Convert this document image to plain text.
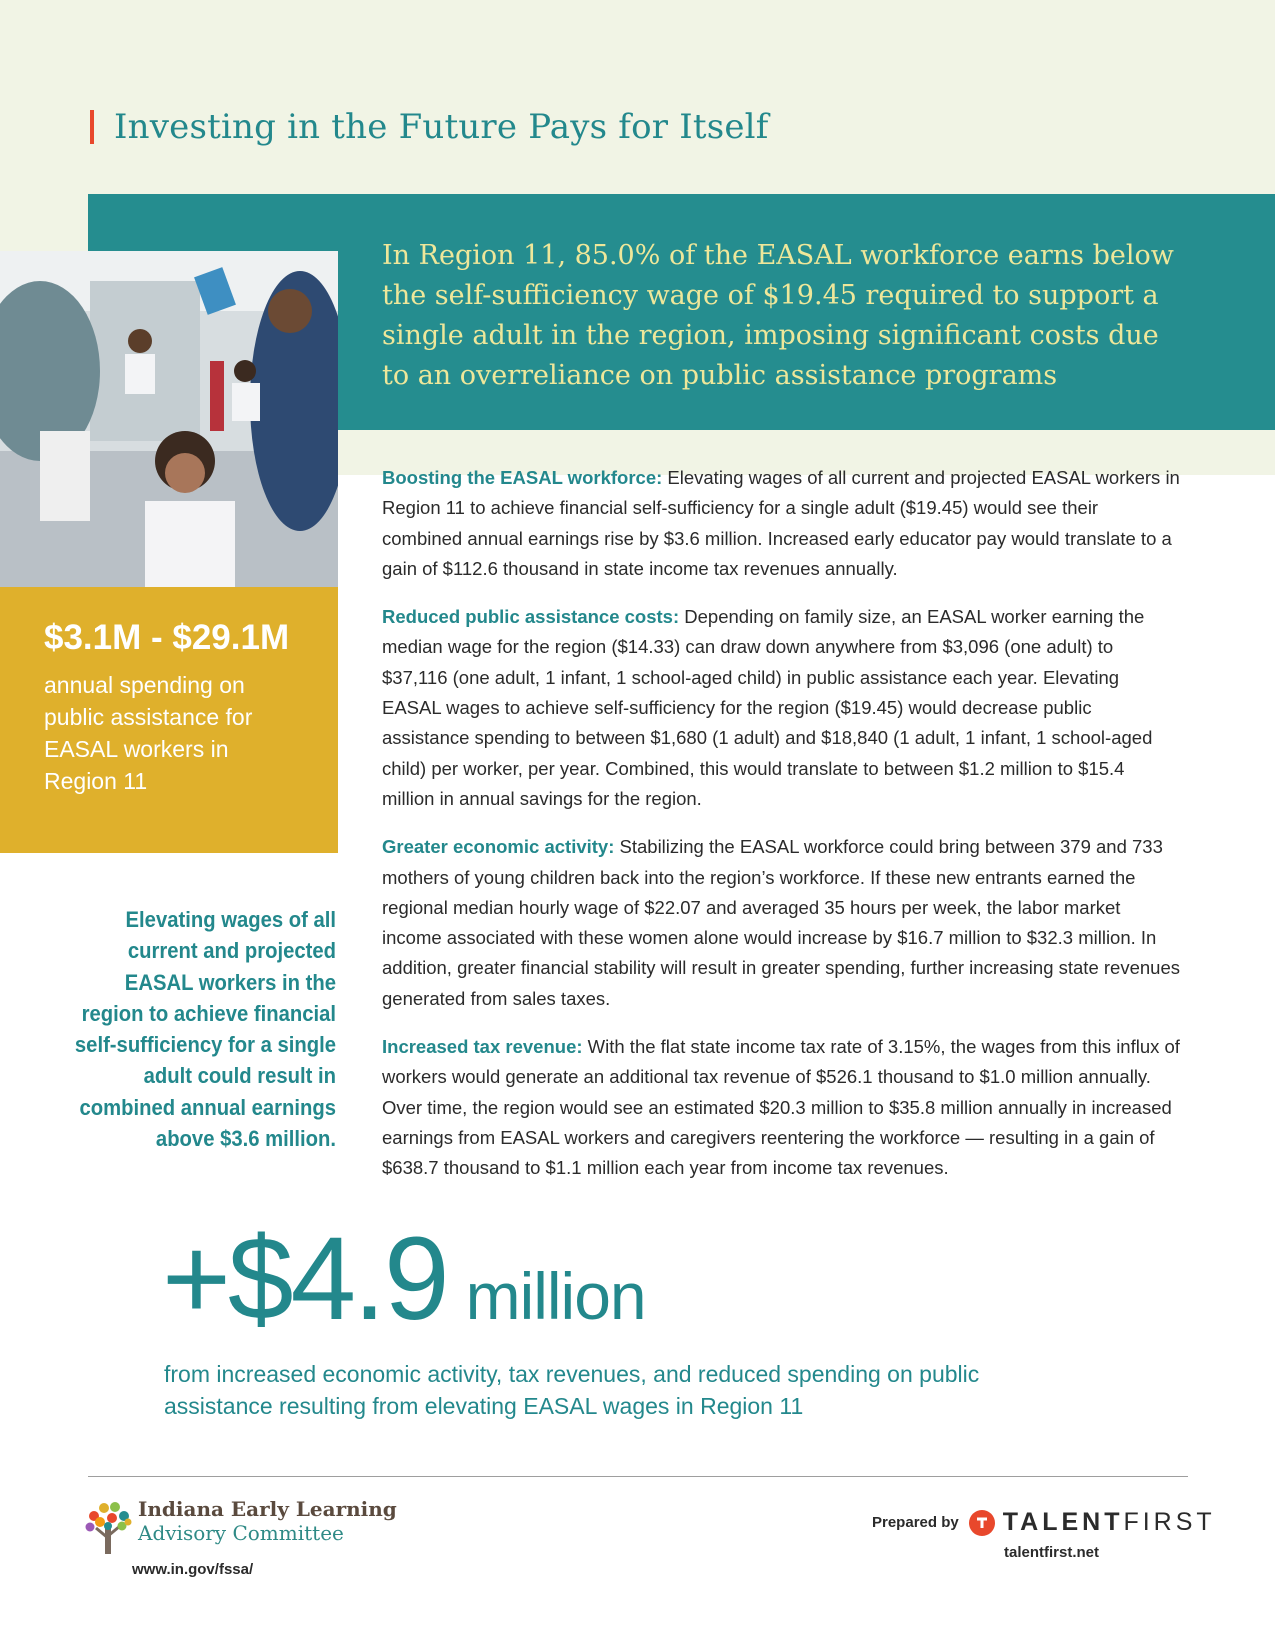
Investing in the Future Pays for Itself
In Region 11, 85.0% of the EASAL workforce earns below the self-sufficiency wage of $19.45 required to support a single adult in the region, imposing significant costs due to an overreliance on public assistance programs
$3.1M - $29.1M
annual spending on public assistance for EASAL workers in Region 11
Elevating wages of all current and projected EASAL workers in the region to achieve financial self-sufficiency for a single adult could result in combined annual earnings above $3.6 million.

Boosting the EASAL workforce: Elevating wages of all current and projected EASAL workers in Region 11 to achieve financial self-sufficiency for a single adult ($19.45) would see their combined annual earnings rise by $3.6 million. Increased early educator pay would translate to a gain of $112.6 thousand in state income tax revenues annually.

Reduced public assistance costs: Depending on family size, an EASAL worker earning the median wage for the region ($14.33) can draw down anywhere from $3,096 (one adult) to $37,116 (one adult, 1 infant, 1 school-aged child) in public assistance each year. Elevating EASAL wages to achieve self-sufficiency for the region ($19.45) would decrease public assistance spending to between $1,680 (1 adult) and $18,840 (1 adult, 1 infant, 1 school-aged child) per worker, per year. Combined, this would translate to between $1.2 million to $15.4 million in annual savings for the region.

Greater economic activity: Stabilizing the EASAL workforce could bring between 379 and 733 mothers of young children back into the region’s workforce. If these new entrants earned the regional median hourly wage of $22.07 and averaged 35 hours per week, the labor market income associated with these women alone would increase by $16.7 million to $32.3 million. In addition, greater financial stability will result in greater spending, further increasing state revenues generated from sales taxes.

Increased tax revenue: With the flat state income tax rate of 3.15%, the wages from this influx of workers would generate an additional tax revenue of $526.1 thousand to $1.0 million annually. Over time, the region would see an estimated $20.3 million to $35.8 million annually in increased earnings from EASAL workers and caregivers reentering the workforce — resulting in a gain of $638.7 thousand to $1.1 million each year from income tax revenues.

+$4 .9 million
from increased economic activity, tax revenues, and reduced spending on public assistance resulting from elevating EASAL wages in Region 11
Indiana Early Learning
Advisory Committee
www.in.gov/fssa/
Prepared by TALENTFIRST
talentfirst.net
